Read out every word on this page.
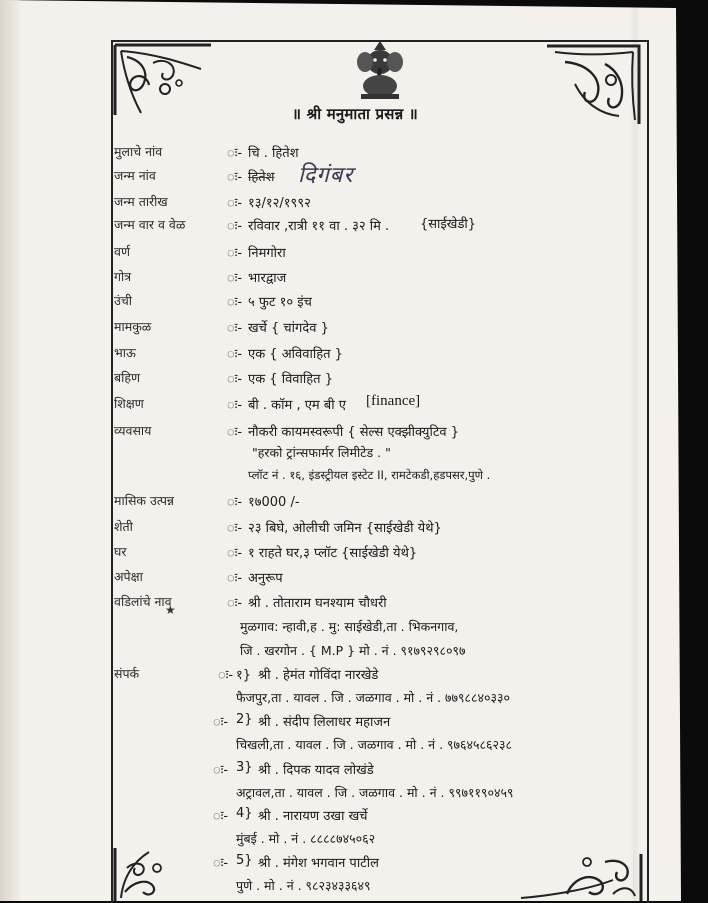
॥ श्री मनुमाता प्रसन्न ॥
मुलाचे नांव	ः- चि . हितेश
जन्म नांव	ः- हितेश दिगंबर
जन्म तारीख	ः- १३/१२/१९९२
जन्म वार व वेळ	ः- रविवार ,रात्री ११ वा . ३२ मि . {साईखेडी}
वर्ण	ः- निमगोरा
गोत्र	ः- भारद्वाज
उंची	ः- ५ फुट १० इंच
मामकुळ	ः- खर्चे { चांगदेव }
भाऊ	ः- एक { अविवाहित }
बहिण	ः- एक { विवाहित }
शिक्षण	ः- बी . कॉम , एम बी ए [finance]
व्यवसाय	ः- नौकरी कायमस्वरूपी { सेल्स एक्झीक्युटिव }
"हरको ट्रांन्सफार्मर लिमीटेड . "
प्लॉट नं . १६, इंडस्ट्रीयल इस्टेट II, रामटेकडी,हडपसर,पुणे .
मासिक उत्पन्न	ः- १७000 /-
शेती	ः- २३ बिघे, ओलीची जमिन {साईखेडी येथे}
घर	ः- १ राहते घर,३ प्लॉट {साईखेडी येथे}
अपेक्षा	ः- अनुरूप
वडिलांचे नाव	ः- श्री . तोताराम घनश्याम चौधरी
मुळगाव: न्हावी,ह . मु: साईखेडी,ता . भिकनगाव,
जि . खरगोन . { M.P } मो . नं . ९१७९२९८०९७
संपर्क	ः- १} श्री . हेमंत गोविंदा नारखेडे
फैजपुर,ता . यावल . जि . जळगाव . मो . नं . ७७९८८४०३३०
ः- 2} श्री . संदीप लिलाधर महाजन
चिखली,ता . यावल . जि . जळगाव . मो . नं . ९७६४५८६२३८
ः- 3} श्री . दिपक यादव लोखंडे
अट्रावल,ता . यावल . जि . जळगाव . मो . नं . ९९७११९०४५९
ः- 4} श्री . नारायण उखा खर्चे
मुंबई . मो . नं . ८८८८७४५०६२
ः- 5} श्री . मंगेश भगवान पाटील
पुणे . मो . नं . ९८२३४३३६४९
★
